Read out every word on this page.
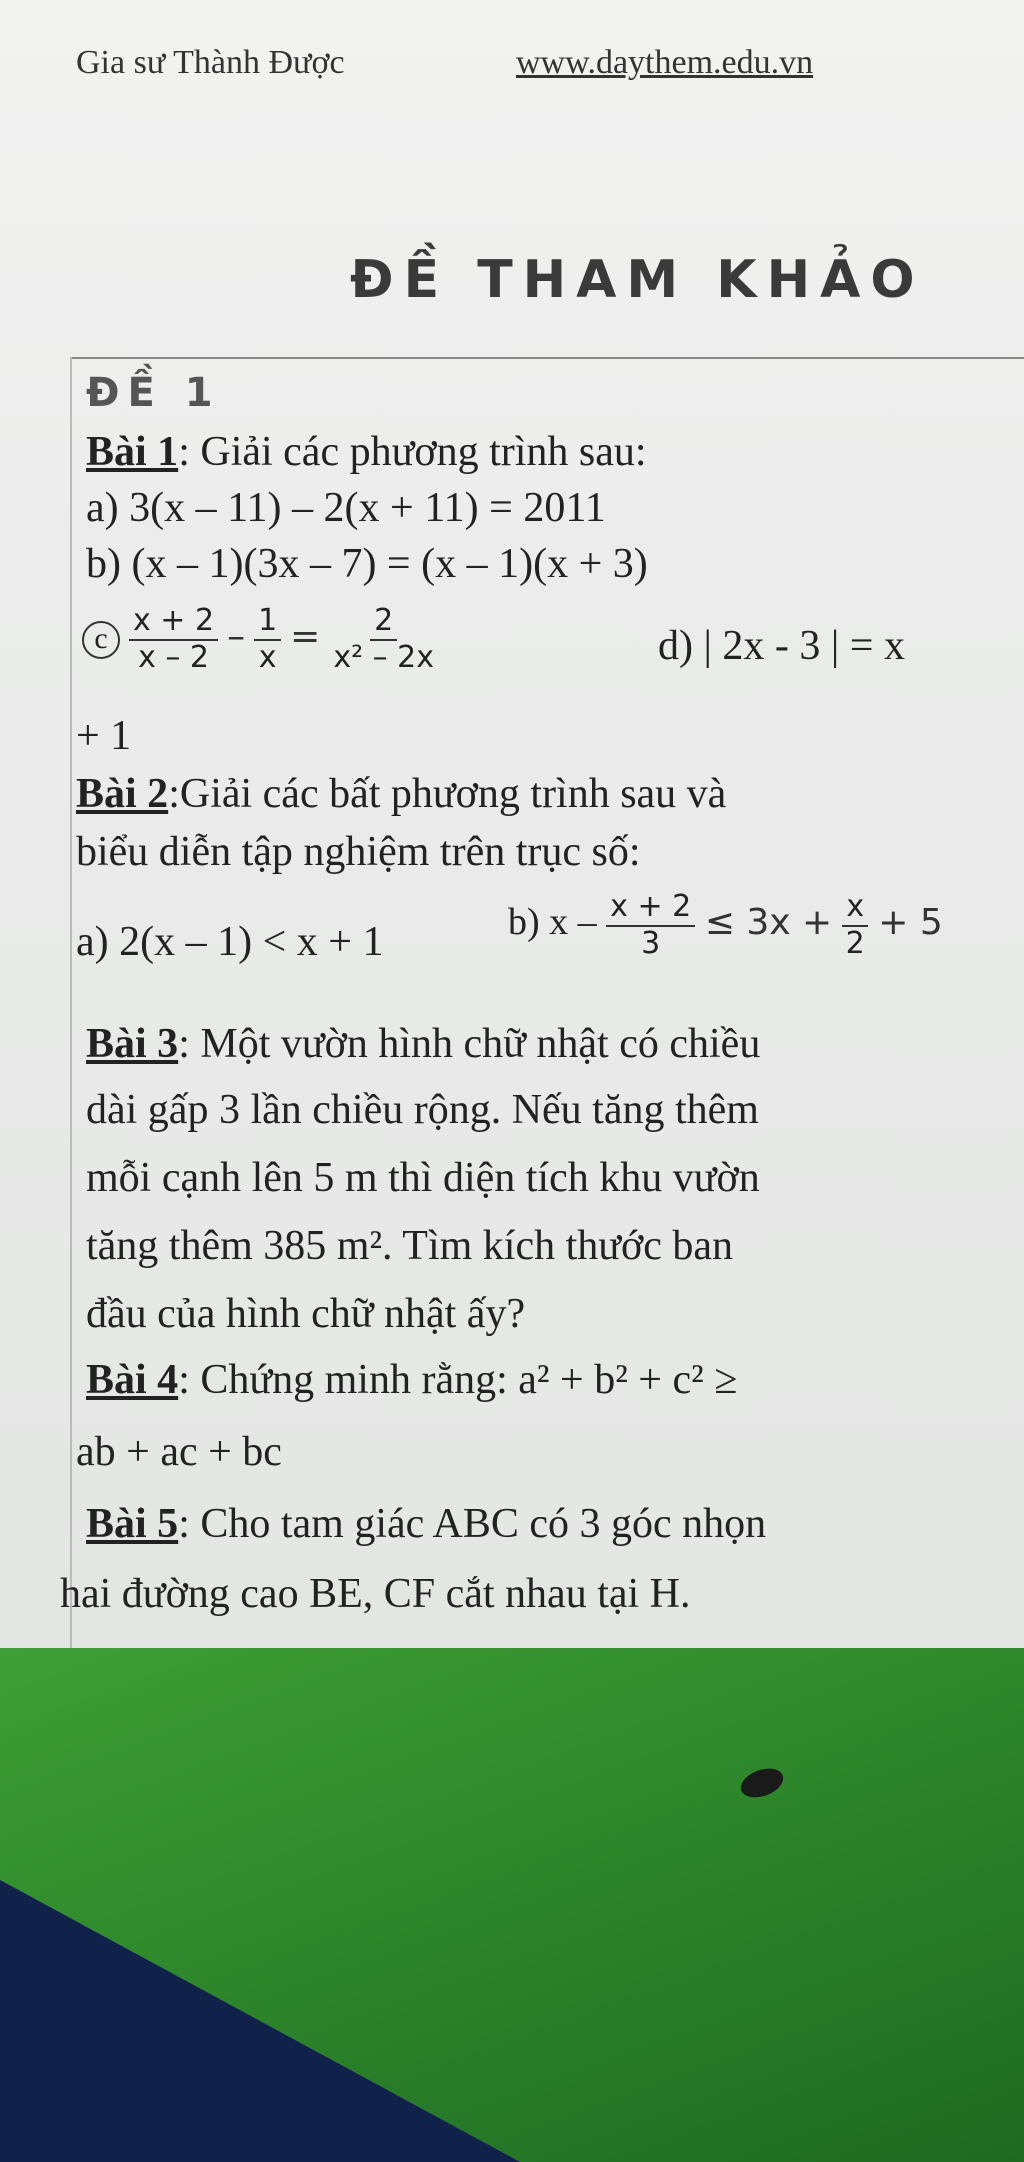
Gia sư Thành Được	www.daythem.edu.vn
ĐỀ THAM KHẢO
ĐỀ 1
Bài 1: Giải các phương trình sau:
a) 3(x – 11) – 2(x + 11) = 2011
b) (x – 1)(3x – 7) = (x – 1)(x + 3)
c $\frac{x + 2}{x - 2} - \frac{1}{x} = \frac{2}{\text{x² – 2x}}$	d) | 2x - 3 | = x
+ 1
Bài 2:Giải các bất phương trình sau và
biểu diễn tập nghiệm trên trục số:
a) 2(x – 1) < x + 1	b) $x - \frac{x + 2}{3} \le 3x + \frac{x}{2} + 5$
Bài 3: Một vườn hình chữ nhật có chiều
dài gấp 3 lần chiều rộng. Nếu tăng thêm
mỗi cạnh lên 5 m thì diện tích khu vườn
tăng thêm 385 m². Tìm kích thước ban
đầu của hình chữ nhật ấy?
Bài 4: Chứng minh rằng: a² + b² + c² ≥
ab + ac + bc
Bài 5: Cho tam giác ABC có 3 góc nhọn
hai đường cao BE, CF cắt nhau tại H.
